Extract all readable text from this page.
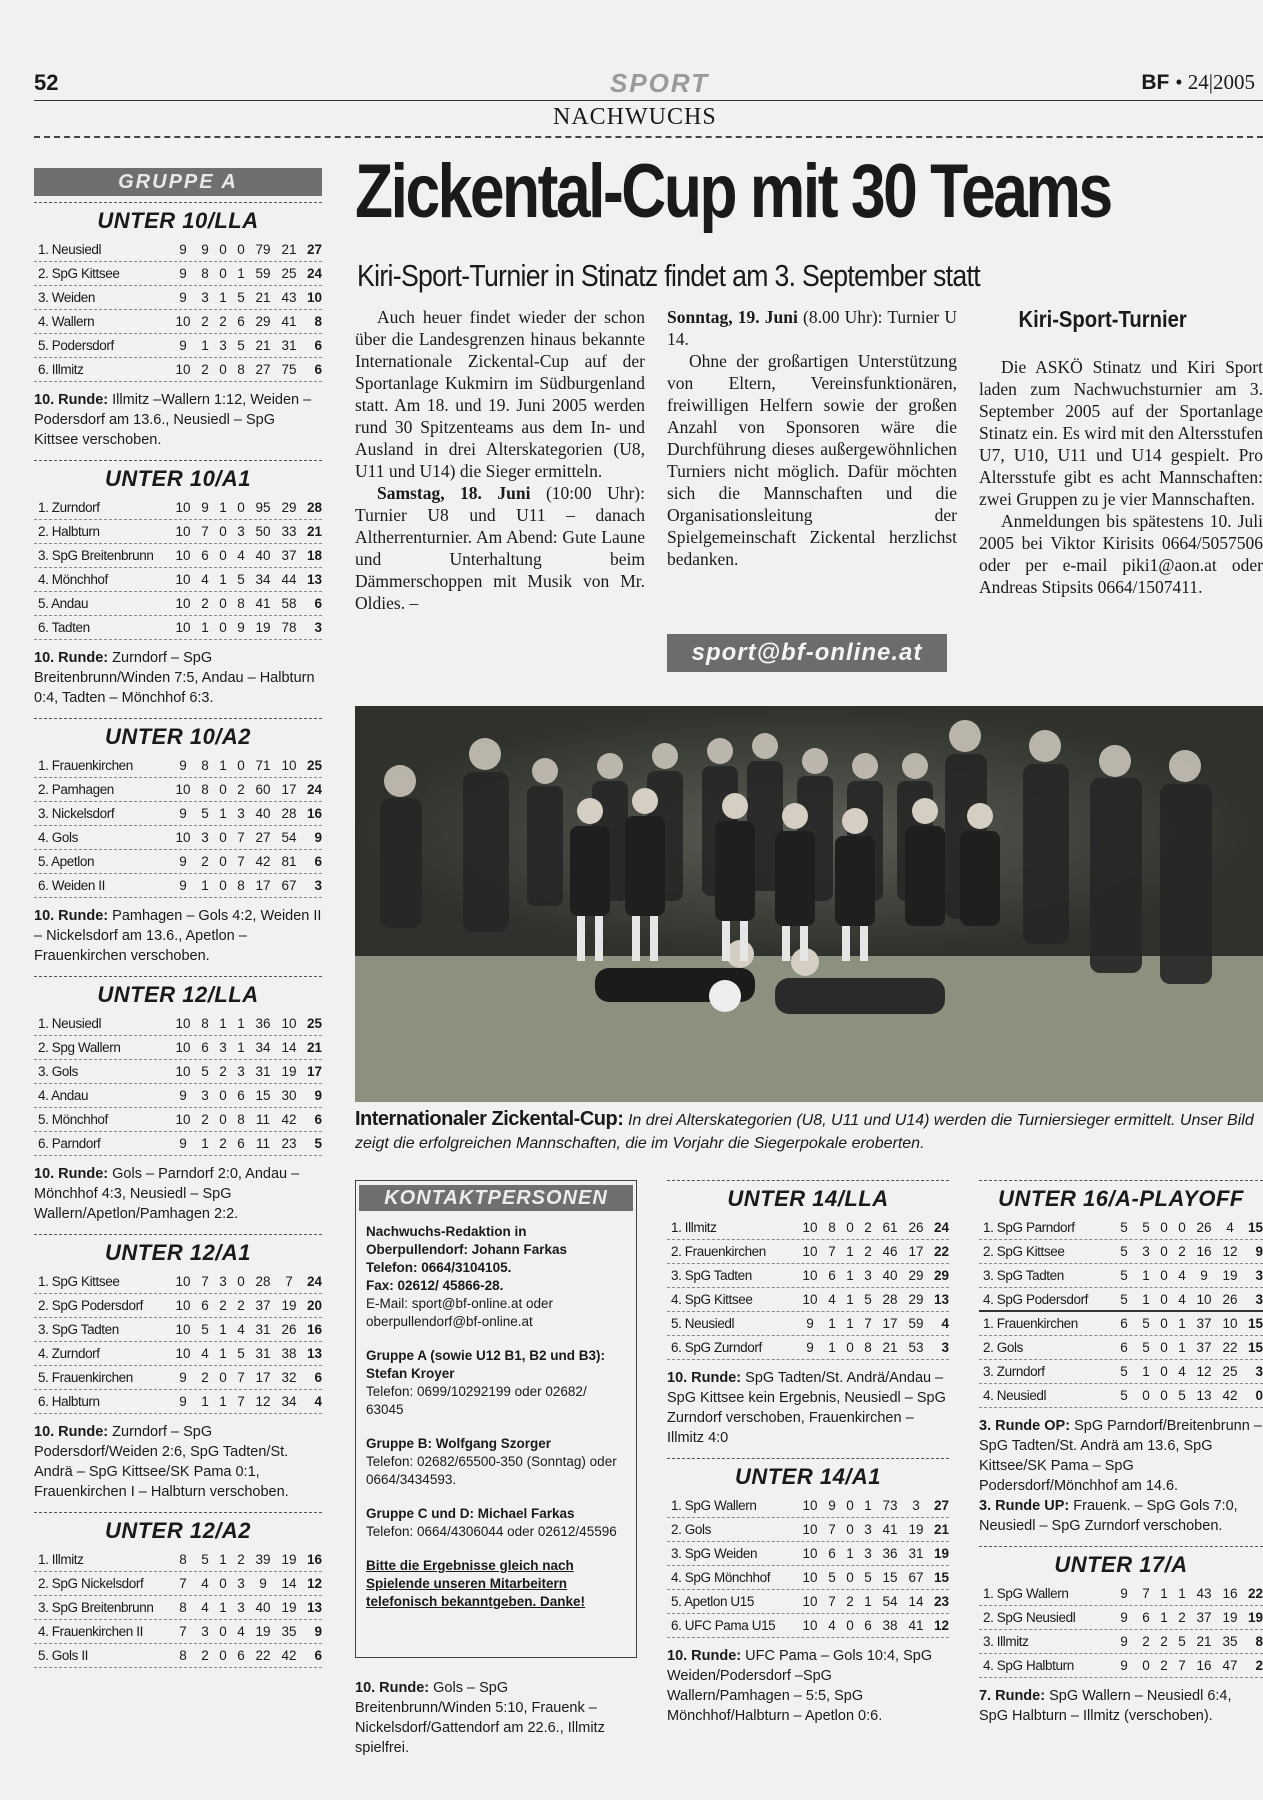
52	SPORT	BF • 24|2005
NACHWUCHS
GRUPPE A
UNTER 10/LLA
1. Neusiedl	9	9 0 0 79 21 27
2. SpG Kittsee	9	8 0 1 59 25 24
3. Weiden	9	3 1 5 21 43 10
4. Wallern	10 2 2 6 29 41	8
5. Podersdorf	9	1 3 5 21 31	6
6. Illmitz	10 2 0 8 27 75	6
10. Runde: Illmitz –Wallern 1:12, Weiden – Podersdorf am 13.6., Neusiedl – SpG Kittsee verschoben.
UNTER 10/A1
1. Zurndorf	10 9 1 0 95 29 28
2. Halbturn	10 7 0 3 50 33 21
3. SpG Breitenbrunn	10 6 0 4 40 37 18
4. Mönchhof	10 4 1 5 34 44 13
5. Andau	10 2 0 8 41 58	6
6. Tadten	10 1 0 9 19 78	3
10. Runde: Zurndorf – SpG Breitenbrunn/Winden 7:5, Andau – Halbturn 0:4, Tadten – Mönchhof 6:3.
UNTER 10/A2
1. Frauenkirchen	9	8 1 0 71 10 25
2. Pamhagen	10 8 0 2 60 17 24
3. Nickelsdorf	9	5 1 3 40 28 16
4. Gols	10 3 0 7 27 54	9
5. Apetlon	9	2 0 7 42 81	6
6. Weiden II	9	1 0 8 17 67	3
10. Runde: Pamhagen – Gols 4:2, Weiden II – Nickelsdorf am 13.6., Apetlon – Frauenkirchen verschoben.
UNTER 12/LLA
1. Neusiedl	10 8 1 1 36 10 25
2. Spg Wallern	10 6 3 1 34 14 21
3. Gols	10 5 2 3 31 19 17
4. Andau	9	3 0 6 15 30	9
5. Mönchhof	10 2 0 8 11 42	6
6. Parndorf	9	1 2 6 11 23	5
10. Runde: Gols – Parndorf 2:0, Andau – Mönchhof 4:3, Neusiedl – SpG Wallern/Apetlon/Pamhagen 2:2.
UNTER 12/A1
1. SpG Kittsee	10 7 3 0 28	7	24
2. SpG Podersdorf	10 6 2 2 37 19 20
3. SpG Tadten	10 5 1 4 31 26 16
4. Zurndorf	10 4 1 5 31 38 13
5. Frauenkirchen	9	2 0 7 17 32	6
6. Halbturn	9	1 1 7 12 34	4
10. Runde: Zurndorf – SpG Podersdorf/Weiden 2:6, SpG Tadten/St. Andrä – SpG Kittsee/SK Pama 0:1, Frauenkirchen I – Halbturn verschoben.
UNTER 12/A2
1. Illmitz	8	5 1 2 39 19 16
2. SpG Nickelsdorf	7	4 0 3	9	14 12
3. SpG Breitenbrunn	8	4 1 3 40 19 13
4. Frauenkirchen II	7	3 0 4 19 35	9
5. Gols II	8	2 0 6 22 42	6
Zickental-Cup mit 30 Teams
Kiri-Sport-Turnier in Stinatz findet am 3. September statt

Auch heuer findet wieder der schon über die Landesgrenzen hinaus bekannte Internationale Zickental-Cup auf der Sportanlage Kukmirn im Südburgenland statt. Am 18. und 19. Juni 2005 werden rund 30 Spitzenteams aus dem In- und Ausland in drei Alterskategorien (U8, U11 und U14) die Sieger ermitteln.

Samstag, 18. Juni (10:00 Uhr): Turnier U8 und U11 – danach Altherrenturnier. Am Abend: Gute Laune und Unterhaltung beim Dämmerschoppen mit Musik von Mr. Oldies. –

Sonntag, 19. Juni (8.00 Uhr): Turnier U 14.

Ohne der großartigen Unterstützung von Eltern, Vereinsfunktionären, freiwilligen Helfern sowie der großen Anzahl von Sponsoren wäre die Durchführung dieses außergewöhnlichen Turniers nicht möglich. Dafür möchten sich die Mannschaften und die Organisationsleitung der Spielgemeinschaft Zickental herzlichst bedanken.

sport@bf-online.at
Kiri-Sport-Turnier

Die ASKÖ Stinatz und Kiri Sport laden zum Nachwuchsturnier am 3. September 2005 auf der Sportanlage Stinatz ein. Es wird mit den Altersstufen U7, U10, U11 und U14 gespielt. Pro Altersstufe gibt es acht Mannschaften: zwei Gruppen zu je vier Mannschaften.

Anmeldungen bis spätestens 10. Juli 2005 bei Viktor Kirisits 0664/5057506 oder per e-mail piki1@aon.at oder Andreas Stipsits 0664/1507411.

Internationaler Zickental-Cup: In drei Alterskategorien (U8, U11 und U14) werden die Turniersieger ermittelt. Unser Bild zeigt die erfolgreichen Mannschaften, die im Vorjahr die Siegerpokale eroberten.
KONTAKTPERSONEN
Nachwuchs-Redaktion in Oberpullendorf: Johann Farkas
Telefon: 0664/3104105.
Fax: 02612/ 45866-28.
E-Mail: sport@bf-online.at oder oberpullendorf@bf-online.at
Gruppe A (sowie U12 B1, B2 und B3): Stefan Kroyer
Telefon: 0699/10292199 oder 02682/ 63045
Gruppe B: Wolfgang Szorger
Telefon: 02682/65500-350 (Sonntag) oder 0664/3434593.
Gruppe C und D: Michael Farkas
Telefon: 0664/4306044 oder 02612/45596
Bitte die Ergebnisse gleich nach Spielende unseren Mitarbeitern telefonisch bekanntgeben. Danke!
10. Runde: Gols – SpG Breitenbrunn/Winden 5:10, Frauenk – Nickelsdorf/Gattendorf am 22.6., Illmitz spielfrei.
UNTER 14/LLA
1. Illmitz	10 8 0 2 61 26 24
2. Frauenkirchen	10 7 1 2 46 17 22
3. SpG Tadten	10 6 1 3 40 29 29
4. SpG Kittsee	10 4 1 5 28 29 13
5. Neusiedl	9	1 1 7 17 59	4
6. SpG Zurndorf	9	1 0 8 21 53	3
10. Runde: SpG Tadten/St. Andrä/Andau – SpG Kittsee kein Ergebnis, Neusiedl – SpG Zurndorf verschoben, Frauenkirchen – Illmitz 4:0
UNTER 14/A1
1. SpG Wallern	10 9 0 1 73	3	27
2. Gols	10 7 0 3 41 19 21
3. SpG Weiden	10 6 1 3 36 31 19
4. SpG Mönchhof	10 5 0 5 15 67 15
5. Apetlon U15	10 7 2 1 54 14 23
6. UFC Pama U15	10 4 0 6 38 41 12
10. Runde: UFC Pama – Gols 10:4, SpG Weiden/Podersdorf –SpG Wallern/Pamhagen – 5:5, SpG Mönchhof/Halbturn – Apetlon 0:6.
UNTER 16/A-PLAYOFF
1. SpG Parndorf	5	5 0 0 26	4	15
2. SpG Kittsee	5	3 0 2 16 12	9
3. SpG Tadten	5	1 0 4	9	19	3
4. SpG Podersdorf	5	1 0 4 10 26	3
1. Frauenkirchen	6	5 0 1 37 10 15
2. Gols	6	5 0 1 37 22 15
3. Zurndorf	5	1 0 4 12 25	3
4. Neusiedl	5	0 0 5 13 42	0
3. Runde OP: SpG Parndorf/Breitenbrunn – SpG Tadten/St. Andrä am 13.6, SpG Kittsee/SK Pama – SpG Podersdorf/Mönchhof am 14.6.
3. Runde UP: Frauenk. – SpG Gols 7:0, Neusiedl – SpG Zurndorf verschoben.
UNTER 17/A
1. SpG Wallern	9	7 1 1 43 16 22
2. SpG Neusiedl	9	6 1 2 37 19 19
3. Illmitz	9	2 2 5 21 35	8
4. SpG Halbturn	9	0 2 7 16 47	2
7. Runde: SpG Wallern – Neusiedl 6:4, SpG Halbturn – Illmitz (verschoben).
